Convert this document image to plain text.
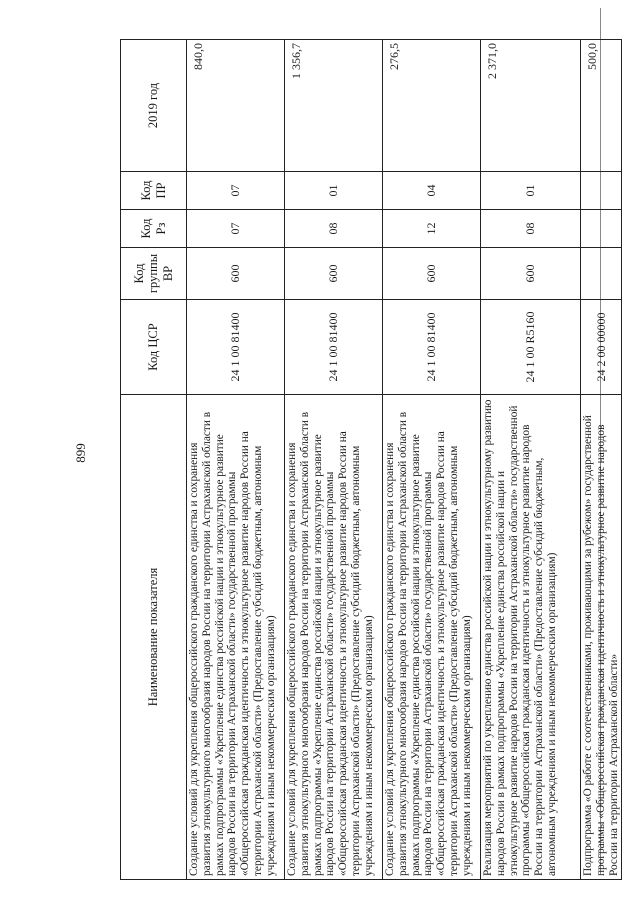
899
Наименование показателя	Код ЦСР	Код группы ВР	Код Рз	Код ПР	2019 год
Создание условий для укрепления общероссийского гражданского единства и сохранения развития этнокультурного многообразия народов России на территории Астраханской области в рамках подпрограммы «Укрепление единства российской нации и этнокультурное развитие народов России на территории Астраханской области» государственной программы «Общероссийская гражданская идентичность и этнокультурное развитие народов России на территории Астраханской области» (Предоставление субсидий бюджетным, автономным учреждениям и иным некоммерческим организациям)	24 1 00 81400	600	07	07	840,0
Создание условий для укрепления общероссийского гражданского единства и сохранения развития этнокультурного многообразия народов России на территории Астраханской области в рамках подпрограммы «Укрепление единства российской нации и этнокультурное развитие народов России на территории Астраханской области» государственной программы «Общероссийская гражданская идентичность и этнокультурное развитие народов России на территории Астраханской области» (Предоставление субсидий бюджетным, автономным учреждениям и иным некоммерческим организациям)	24 1 00 81400	600	08	01	1 356,7
Создание условий для укрепления общероссийского гражданского единства и сохранения развития этнокультурного многообразия народов России на территории Астраханской области в рамках подпрограммы «Укрепление единства российской нации и этнокультурное развитие народов России на территории Астраханской области» государственной программы «Общероссийская гражданская идентичность и этнокультурное развитие народов России на территории Астраханской области» (Предоставление субсидий бюджетным, автономным учреждениям и иным некоммерческим организациям)	24 1 00 81400	600	12	04	276,5
Реализация мероприятий по укреплению единства российской нации и этнокультурному развитию народов России в рамках подпрограммы «Укрепление единства российской нации и этнокультурное развитие народов России на территории Астраханской области» государственной программы «Общероссийская гражданская идентичность и этнокультурное развитие народов России на территории Астраханской области» (Предоставление субсидий бюджетным, автономным учреждениям и иным некоммерческим организациям)	24 1 00 R5160	600	08	01	2 371,0
Подпрограмма «О работе с соотечественниками, проживающими за рубежом» государственной программы «Общероссийская гражданская идентичность и этнокультурное развитие народов России на территории Астраханской области»	24 2 00 00000				500,0
